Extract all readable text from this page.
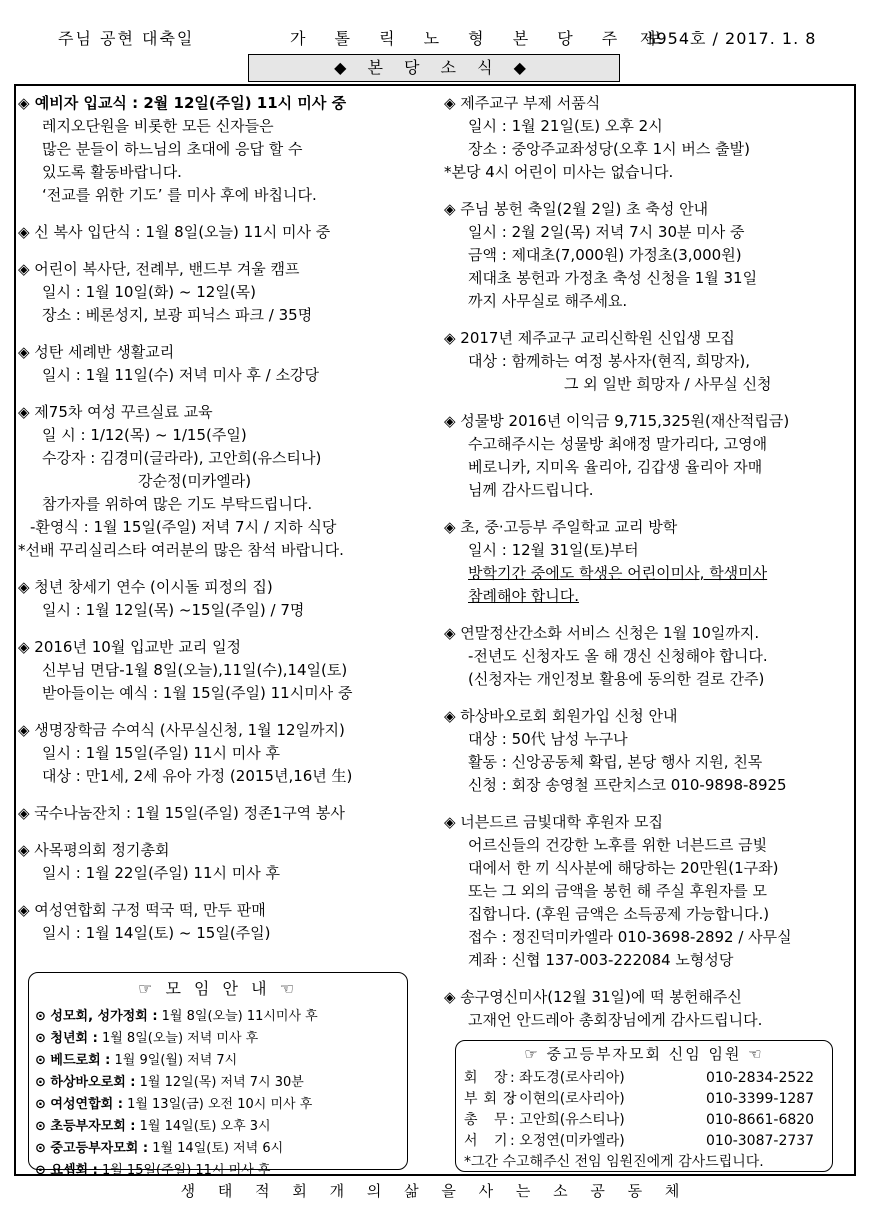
주님 공현 대축일	가 톨 릭 노 형 본 당 주 보
제954호 / 2017. 1. 8
◆ 본 당 소 식 ◆
◈ 예비자 입교식 : 2월 12일(주일) 11시 미사 중
레지오단원을 비롯한 모든 신자들은
많은 분들이 하느님의 초대에 응답 할 수
있도록 활동바랍니다.
‘전교를 위한 기도’ 를 미사 후에 바칩니다.
◈ 신 복사 입단식 : 1월 8일(오늘) 11시 미사 중
◈ 어린이 복사단, 전례부, 밴드부 겨울 캠프
일시 : 1월 10일(화) ~ 12일(목)
장소 : 베론성지, 보광 피닉스 파크 / 35명
◈ 성탄 세례반 생활교리
일시 : 1월 11일(수) 저녁 미사 후 / 소강당
◈ 제75차 여성 꾸르실료 교육
일 시 : 1/12(목) ~ 1/15(주일)
수강자 : 김경미(글라라), 고안희(유스티나)
강순정(미카엘라)
참가자를 위하여 많은 기도 부탁드립니다.
-환영식 : 1월 15일(주일) 저녁 7시 / 지하 식당
*선배 꾸리실리스타 여러분의 많은 참석 바랍니다.
◈ 청년 창세기 연수 (이시돌 피정의 집)
일시 : 1월 12일(목) ~15일(주일) / 7명
◈ 2016년 10월 입교반 교리 일정
신부님 면담-1월 8일(오늘),11일(수),14일(토)
받아들이는 예식 : 1월 15일(주일) 11시미사 중
◈ 생명장학금 수여식 (사무실신청, 1월 12일까지)
일시 : 1월 15일(주일) 11시 미사 후
대상 : 만1세, 2세 유아 가정 (2015년,16년 生)
◈ 국수나눔잔치 : 1월 15일(주일) 정존1구역 봉사
◈ 사목평의회 정기총회
일시 : 1월 22일(주일) 11시 미사 후
◈ 여성연합회 구정 떡국 떡, 만두 판매
일시 : 1월 14일(토) ~ 15일(주일)
◈ 제주교구 부제 서품식
일시 : 1월 21일(토) 오후 2시
장소 : 중앙주교좌성당(오후 1시 버스 출발)
*본당 4시 어린이 미사는 없습니다.
◈ 주님 봉헌 축일(2월 2일) 초 축성 안내
일시 : 2월 2일(목) 저녁 7시 30분 미사 중
금액 : 제대초(7,000원) 가정초(3,000원)
제대초 봉헌과 가정초 축성 신청을 1월 31일
까지 사무실로 해주세요.
◈ 2017년 제주교구 교리신학원 신입생 모집
대상 : 함께하는 여정 봉사자(현직, 희망자),
그 외 일반 희망자 / 사무실 신청
◈ 성물방 2016년 이익금 9,715,325원(재산적립금)
수고해주시는 성물방 최애정 말가리다, 고영애
베로니카, 지미옥 율리아, 김갑생 율리아 자매
님께 감사드립니다.
◈ 초, 중·고등부 주일학교 교리 방학
일시 : 12월 31일(토)부터
방학기간 중에도 학생은 어린이미사, 학생미사
참례해야 합니다.
◈ 연말정산간소화 서비스 신청은 1월 10일까지.
-전년도 신청자도 올 해 갱신 신청해야 합니다.
(신청자는 개인정보 활용에 동의한 걸로 간주)
◈ 하상바오로회 회원가입 신청 안내
대상 : 50代 남성 누구나
활동 : 신앙공동체 확립, 본당 행사 지원, 친목
신청 : 회장 송영철 프란치스코 010-9898-8925
◈ 너븐드르 금빛대학 후원자 모집
어르신들의 건강한 노후를 위한 너븐드르 금빛
대에서 한 끼 식사분에 해당하는 20만원(1구좌)
또는 그 외의 금액을 봉헌 해 주실 후원자를 모
집합니다. (후원 금액은 소득공제 가능합니다.)
접수 : 정진덕미카엘라 010-3698-2892 / 사무실
계좌 : 신협 137-003-222084 노형성당
◈ 송구영신미사(12월 31일)에 떡 봉헌해주신
고재언 안드레아 총회장님에게 감사드립니다.
☞ 모 임 안 내 ☜
⊙ 성모회, 성가정회 : 1월 8일(오늘) 11시미사 후
⊙ 청년회 : 1월 8일(오늘) 저녁 미사 후
⊙ 베드로회 : 1월 9일(월) 저녁 7시
⊙ 하상바오로회 : 1월 12일(목) 저녁 7시 30분
⊙ 여성연합회 : 1월 13일(금) 오전 10시 미사 후
⊙ 초등부자모회 : 1월 14일(토) 오후 3시
⊙ 중고등부자모회 : 1월 14일(토) 저녁 6시
⊙ 요셉회 : 1월 15일(주일) 11시 미사 후
☞ 중고등부자모회 신임 임원 ☜
회 장
: 좌도경(로사리아)	010-2834-2522
부회장
: 이현의(로사리아)	010-3399-1287
총 무
: 고안희(유스티나)	010-8661-6820
서 기
: 오정연(미카엘라)	010-3087-2737
*그간 수고해주신 전임 임원진에게 감사드립니다.
생 태 적 회 개 의 삶 을 사 는 소 공 동 체
